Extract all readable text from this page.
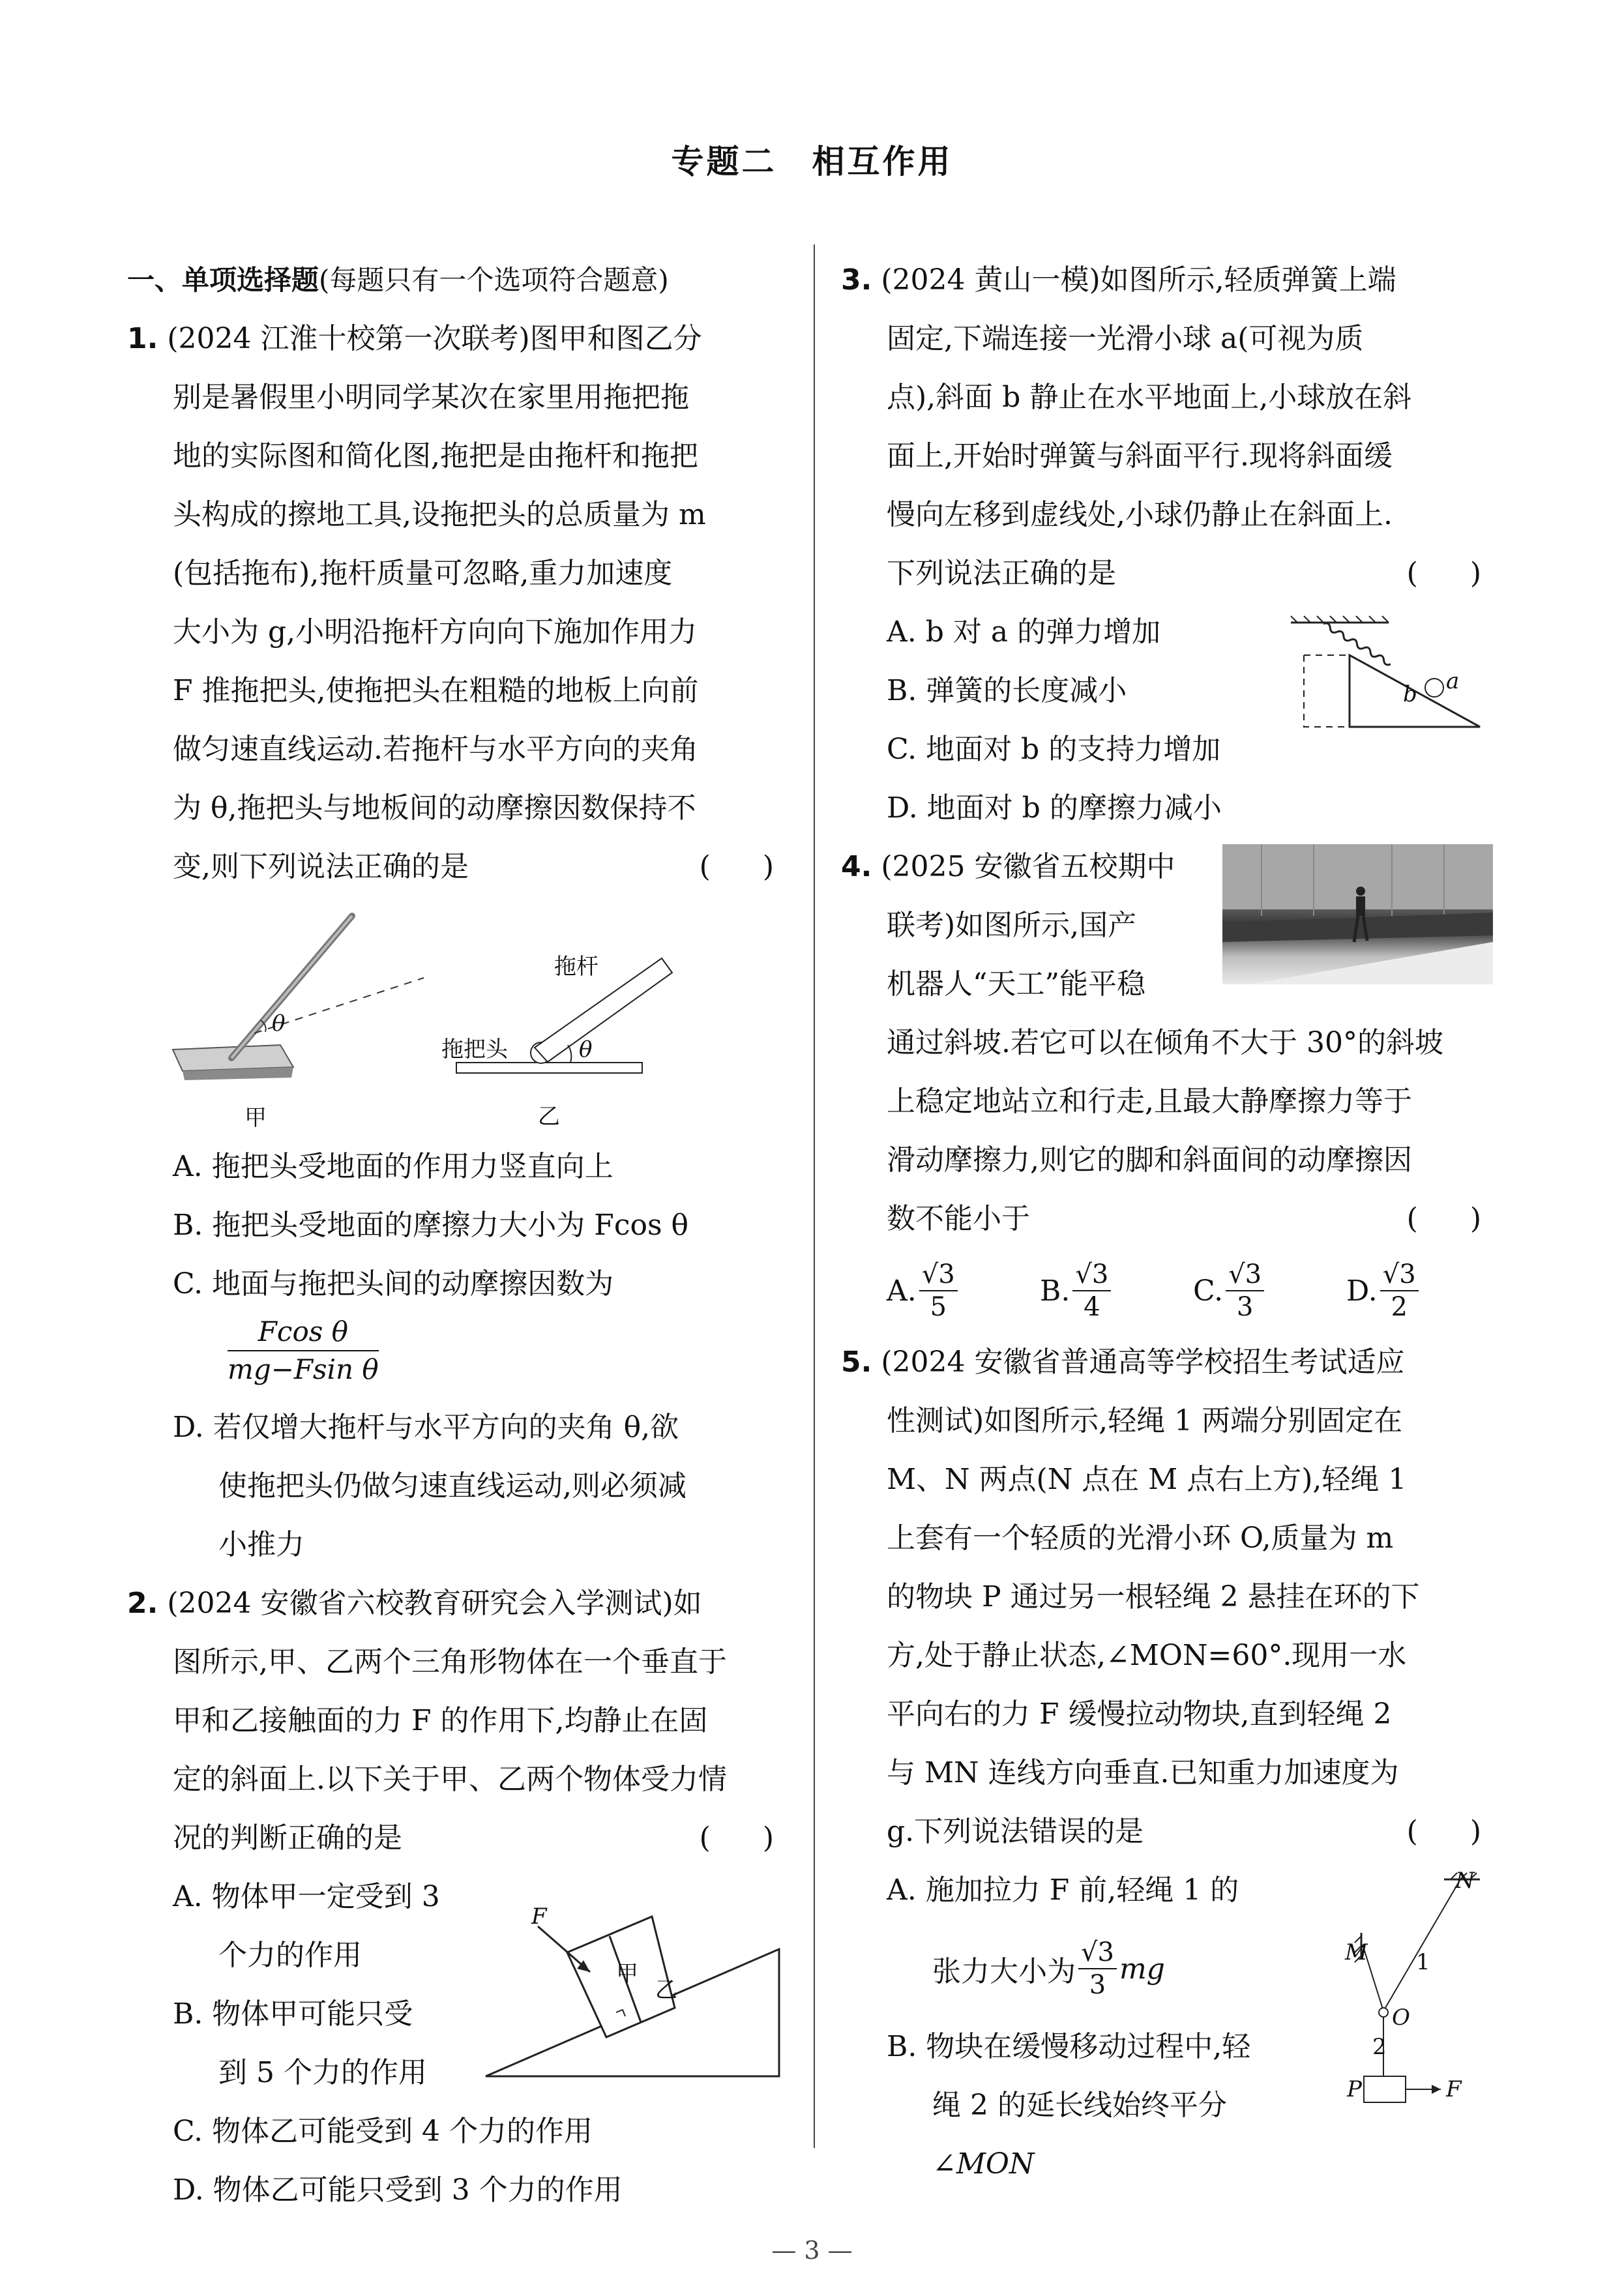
专题二　相互作用
一、单项选择题(每题只有一个选项符合题意)
1. (2024 江淮十校第一次联考)图甲和图乙分
别是暑假里小明同学某次在家里用拖把拖
地的实际图和简化图,拖把是由拖杆和拖把
头构成的擦地工具,设拖把头的总质量为 m
(包括拖布),拖杆质量可忽略,重力加速度
大小为 g,小明沿拖杆方向向下施加作用力
F 推拖把头,使拖把头在粗糙的地板上向前
做匀速直线运动.若拖杆与水平方向的夹角
为 θ,拖把头与地板间的动摩擦因数保持不
变,则下列说法正确的是	(　)
θ
甲
拖杆
拖把头	θ
乙
A. 拖把头受地面的作用力竖直向上
B. 拖把头受地面的摩擦力大小为 Fcos θ
C. 地面与拖把头间的动摩擦因数为
$\frac{\text{Fcos θ}}{\text{mg−Fsin θ}}$
D. 若仅增大拖杆与水平方向的夹角 θ,欲
使拖把头仍做匀速直线运动,则必须减
小推力
2. (2024 安徽省六校教育研究会入学测试)如
图所示,甲、乙两个三角形物体在一个垂直于
甲和乙接触面的力 F 的作用下,均静止在固
定的斜面上.以下关于甲、乙两个物体受力情
况的判断正确的是	(　)
A. 物体甲一定受到 3
个力的作用
B. 物体甲可能只受
到 5 个力的作用
F
甲
乙
C. 物体乙可能受到 4 个力的作用
D. 物体乙可能只受到 3 个力的作用
3. (2024 黄山一模)如图所示,轻质弹簧上端
固定,下端连接一光滑小球 a(可视为质
点),斜面 b 静止在水平地面上,小球放在斜
面上,开始时弹簧与斜面平行.现将斜面缓
慢向左移到虚线处,小球仍静止在斜面上.
下列说法正确的是	(　)
A. b 对 a 的弹力增加
B. 弹簧的长度减小
C. 地面对 b 的支持力增加
D. 地面对 b 的摩擦力减小
a
b
4. (2025 安徽省五校期中
联考)如图所示,国产
机器人“天工”能平稳
通过斜坡.若它可以在倾角不大于 30°的斜坡
上稳定地站立和行走,且最大静摩擦力等于
滑动摩擦力,则它的脚和斜面间的动摩擦因
数不能小于	(　)
A. $\frac{√3}{5}$	B. $\frac{√3}{4}$	C. $\frac{√3}{3}$	D. $\frac{√3}{2}$
5. (2024 安徽省普通高等学校招生考试适应
性测试)如图所示,轻绳 1 两端分别固定在
M、N 两点(N 点在 M 点右上方),轻绳 1
上套有一个轻质的光滑小环 O,质量为 m
的物块 P 通过另一根轻绳 2 悬挂在环的下
方,处于静止状态,∠MON=60°.现用一水
平向右的力 F 缓慢拉动物块,直到轻绳 2
与 MN 连线方向垂直.已知重力加速度为
g.下列说法错误的是	(　)
A. 施加拉力 F 前,轻绳 1 的
张力大小为 $\frac{√3}{3}$ mg
B. 物块在缓慢移动过程中,轻
绳 2 的延长线始终平分
∠MON
N
M 1
O
2
P	F
— 3 —
